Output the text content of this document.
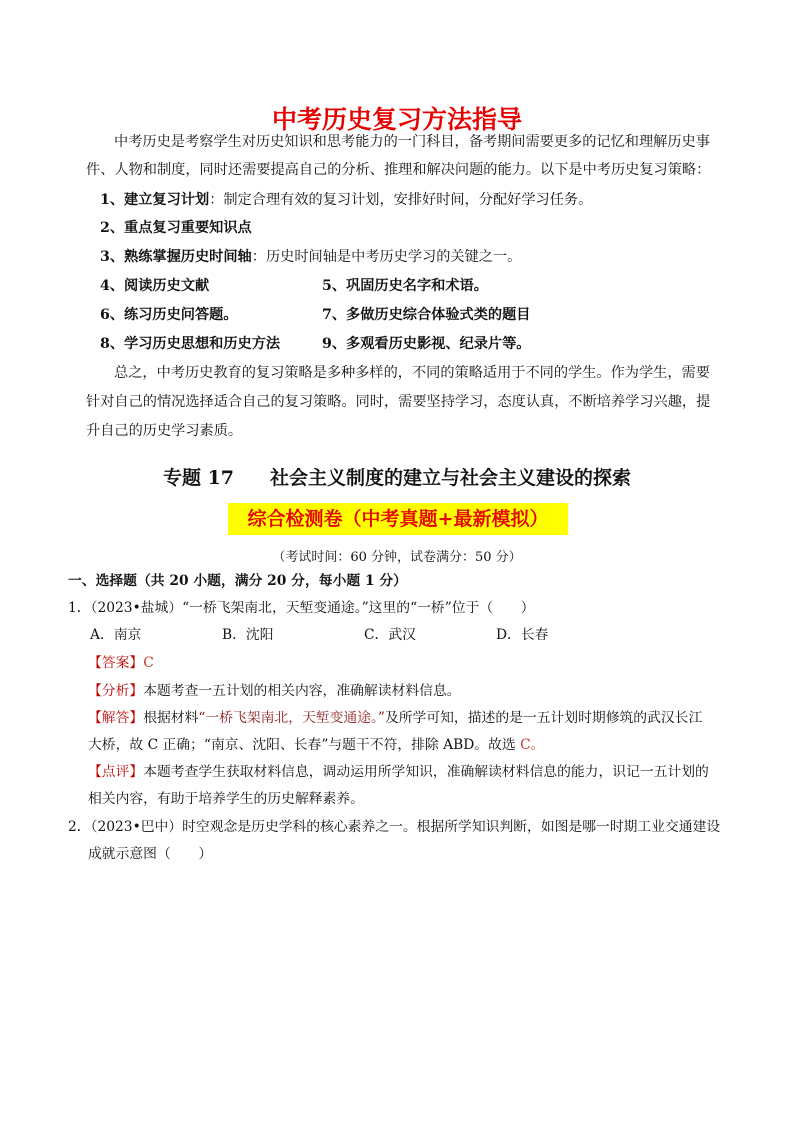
中考历史复习方法指导
中考历史是考察学生对历史知识和思考能力的一门科目，备考期间需要更多的记忆和理解历史事
件、人物和制度，同时还需要提高自己的分析、推理和解决问题的能力。以下是中考历史复习策略：
1、建立复习计划：制定合理有效的复习计划，安排好时间，分配好学习任务。
2、重点复习重要知识点
3、熟练掌握历史时间轴：历史时间轴是中考历史学习的关键之一。
4、阅读历史文献	5、巩固历史名字和术语。
6、练习历史问答题。	7、多做历史综合体验式类的题目
8、学习历史思想和历史方法	9、多观看历史影视、纪录片等。
总之，中考历史教育的复习策略是多种多样的，不同的策略适用于不同的学生。作为学生，需要
针对自己的情况选择适合自己的复习策略。同时，需要坚持学习，态度认真，不断培养学习兴趣，提
升自己的历史学习素质。
专题 17 社会主义制度的建立与社会主义建设的探索
综合检测卷（中考真题+最新模拟）
（考试时间：60 分钟，试卷满分：50 分）
一、选择题（共 20 小题，满分 20 分，每小题 1 分）
1．（2023•盐城）“一桥飞架南北，天堑变通途。”这里的“一桥”位于（　　）
A．南京	B．沈阳	C．武汉	D．长春
【答案】C
【分析】本题考查一五计划的相关内容，准确解读材料信息。
【解答】根据材料“一桥飞架南北，天堑变通途。”及所学可知，描述的是一五计划时期修筑的武汉长江
大桥，故 C 正确；“南京、沈阳、长春”与题干不符，排除 ABD。故选 C。
【点评】本题考查学生获取材料信息，调动运用所学知识，准确解读材料信息的能力，识记一五计划的
相关内容，有助于培养学生的历史解释素养。
2．（2023•巴中）时空观念是历史学科的核心素养之一。根据所学知识判断，如图是哪一时期工业交通建设
成就示意图（　　）
